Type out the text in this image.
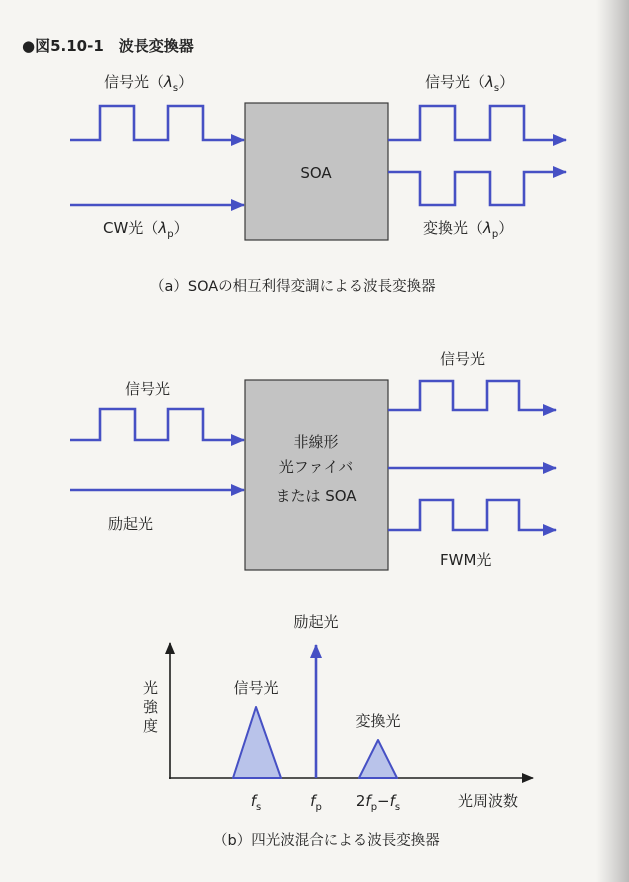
●図5.10-1　波長変換器
信号光$(\lambda_s)$
CW光$(\lambda_p)$
SOA
信号光$(\lambda_s)$
変換光$(\lambda_p)$
（a）SOAの相互利得変調による波長変換器
信号光
信号光
励起光
非線形
光ファイバ
または SOA
FWM光
励起光
信号光
変換光
$f_s$	$f_p$ $2f_p-f_s$	光周波数
（b）四光波混合による波長変換器
光強度
